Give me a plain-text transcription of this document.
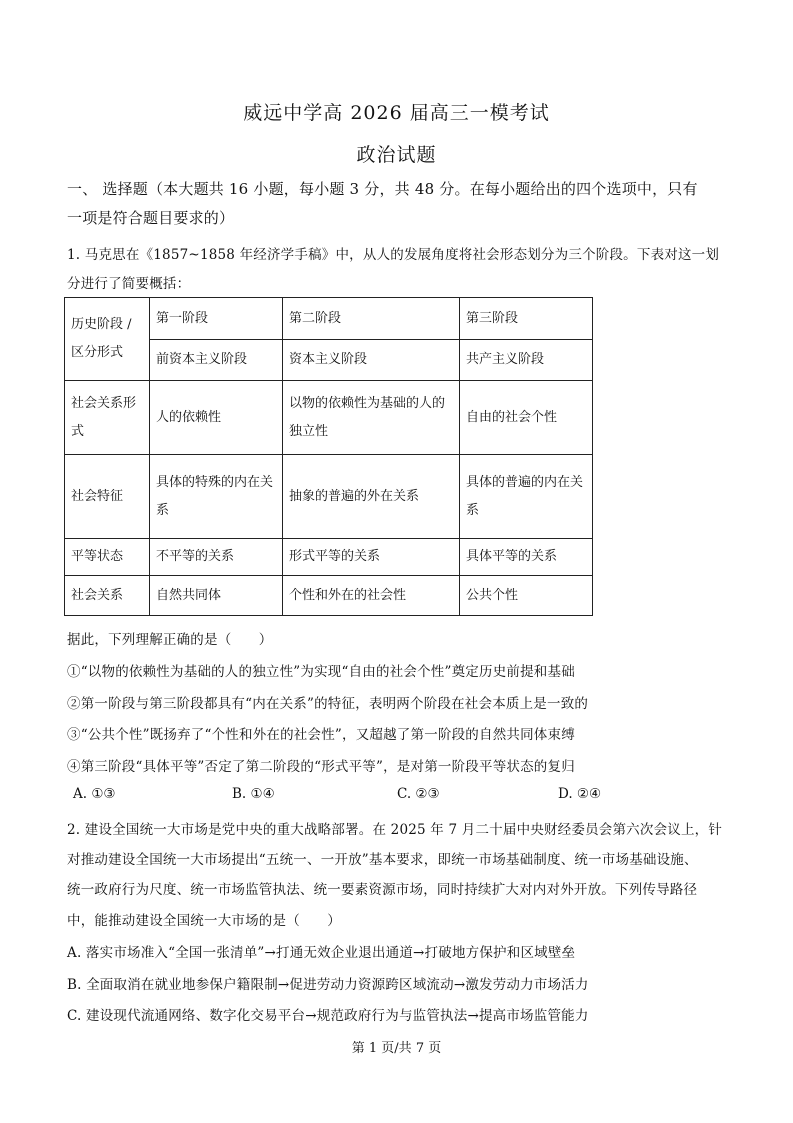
威远中学高 2026 届高三一模考试
政治试题
一、 选择题（本大题共 16 小题，每小题 3 分，共 48 分。在每小题给出的四个选项中，只有
一项是符合题目要求的）
1. 马克思在《1857~1858 年经济学手稿》中，从人的发展角度将社会形态划分为三个阶段。下表对这一划
分进行了简要概括：
历史阶段 / 区分形式	第一阶段	第二阶段	第三阶段
	前资本主义阶段	资本主义阶段	共产主义阶段
社会关系形式	人的依赖性	以物的依赖性为基础的人的独立性	自由的社会个性
社会特征	具体的特殊的内在关系	抽象的普遍的外在关系	具体的普遍的内在关系
平等状态	不平等的关系	形式平等的关系	具体平等的关系
社会关系	自然共同体	个性和外在的社会性	公共个性
据此，下列理解正确的是（　　）
①“以物的依赖性为基础的人的独立性”为实现“自由的社会个性”奠定历史前提和基础
②第一阶段与第三阶段都具有“内在关系”的特征，表明两个阶段在社会本质上是一致的
③“公共个性”既扬弃了“个性和外在的社会性”，又超越了第一阶段的自然共同体束缚
④第三阶段“具体平等”否定了第二阶段的“形式平等”，是对第一阶段平等状态的复归
A. ①③	B. ①④	C. ②③	D. ②④
2. 建设全国统一大市场是党中央的重大战略部署。在 2025 年 7 月二十届中央财经委员会第六次会议上，针
对推动建设全国统一大市场提出“五统一、一开放”基本要求，即统一市场基础制度、统一市场基础设施、
统一政府行为尺度、统一市场监管执法、统一要素资源市场，同时持续扩大对内对外开放。下列传导路径
中，能推动建设全国统一大市场的是（　　）
A. 落实市场准入“全国一张清单”→打通无效企业退出通道→打破地方保护和区域壁垒
B. 全面取消在就业地参保户籍限制→促进劳动力资源跨区域流动→激发劳动力市场活力
C. 建设现代流通网络、数字化交易平台→规范政府行为与监管执法→提高市场监管能力
第 1 页/共 7 页
